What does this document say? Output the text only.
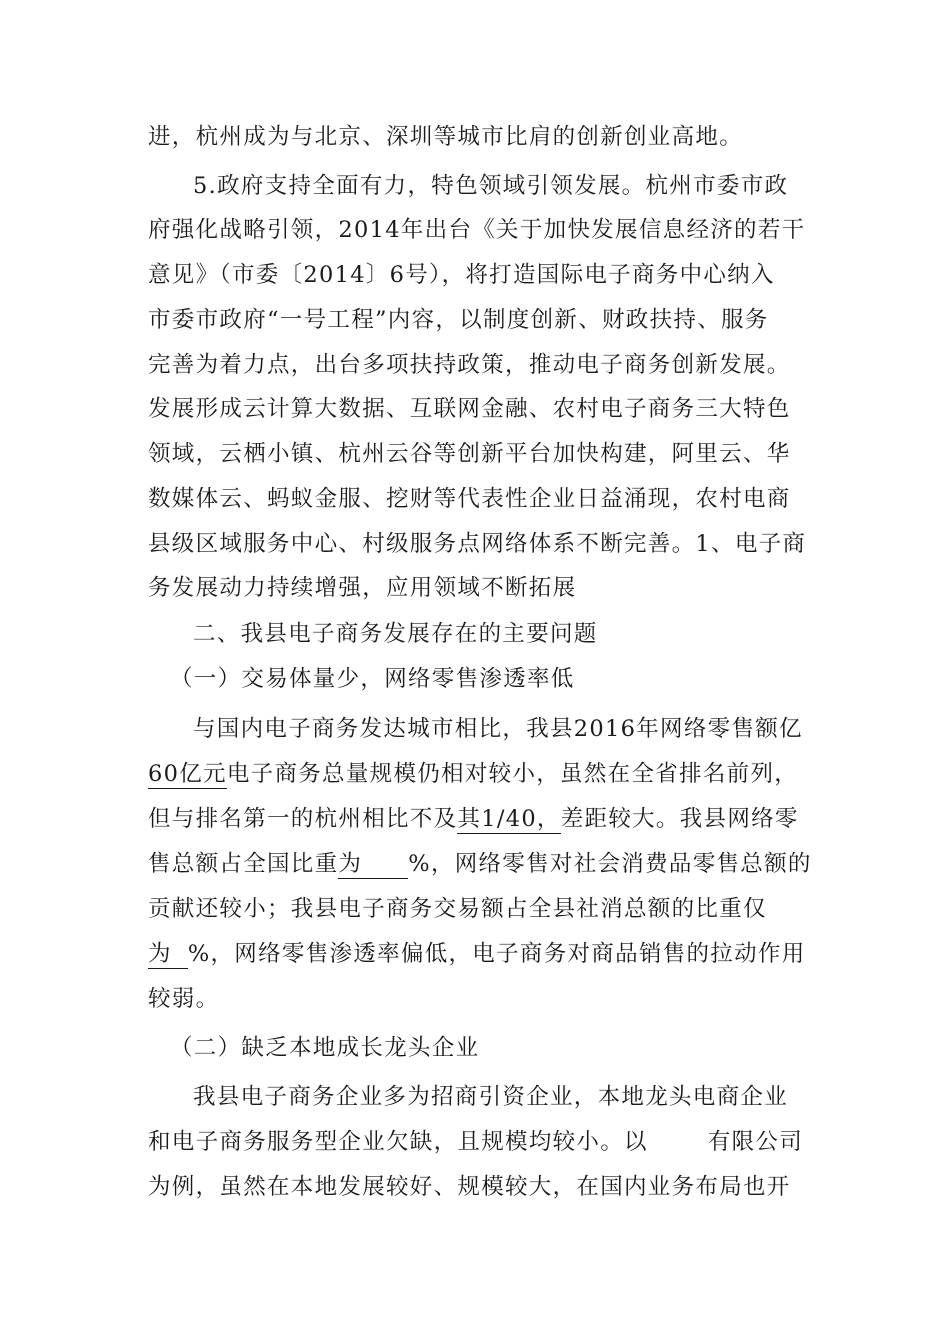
进，杭州成为与北京、深圳等城市比肩的创新创业高地。
5.政府支持全面有力，特色领域引领发展。杭州市委市政
府强化战略引领，2014年出台《关于加快发展信息经济的若干
意见》（市委〔2014〕6号），将打造国际电子商务中心纳入
市委市政府“一号工程”内容，以制度创新、财政扶持、服务
完善为着力点，出台多项扶持政策，推动电子商务创新发展。
发展形成云计算大数据、互联网金融、农村电子商务三大特色
领域，云栖小镇、杭州云谷等创新平台加快构建，阿里云、华
数媒体云、蚂蚁金服、挖财等代表性企业日益涌现，农村电商
县级区域服务中心、村级服务点网络体系不断完善。1、电子商
务发展动力持续增强，应用领域不断拓展
二、我县电子商务发展存在的主要问题
（一）交易体量少，网络零售渗透率低
与国内电子商务发达城市相比，我县2016年网络零售额亿
60亿元电子商务总量规模仍相对较小，虽然在全省排名前列，
但与排名第一的杭州相比不及其1/40，差距较大。我县网络零
售总额占全国比重为 %，网络零售对社会消费品零售总额的
贡献还较小；我县电子商务交易额占全县社消总额的比重仅
为 %，网络零售渗透率偏低，电子商务对商品销售的拉动作用
较弱。
（二）缺乏本地成长龙头企业
我县电子商务企业多为招商引资企业，本地龙头电商企业
和电子商务服务型企业欠缺，且规模均较小。以	有限公司
为例，虽然在本地发展较好、规模较大，在国内业务布局也开
